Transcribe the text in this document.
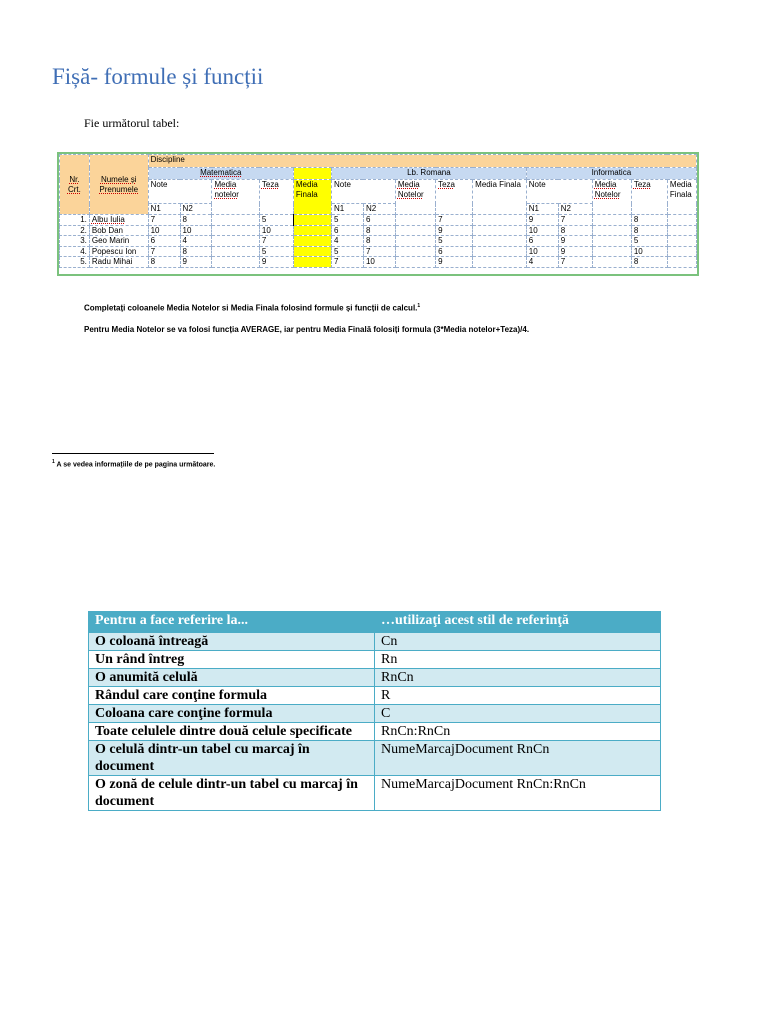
Fișă- formule și funcții
Fie următorul tabel:
Nr. Crt.	Numele și Prenumele	Discipline														
		Matematica					Lb. Romana					Informatica				
		Note		Media notelor	Teza	Media Finala	Note		Media Notelor	Teza	Media Finala	Note		Media Notelor	Teza	Media Finala
		N1	N2				N1	N2				N1	N2			
1.	Albu Iulia	7	8		5		5	6		7		9	7		8	
2.	Bob Dan	10	10		10		6	8		9		10	8		8	
3.	Geo Marin	6	4		7		4	8		5		6	9		5	
4.	Popescu Ion	7	8		5		5	7		6		10	9		10	
5.	Radu Mihai	8	9		9		7	10		9		4	7		8	
Completați coloanele Media Notelor si Media Finala folosind formule și funcții de calcul.$^1$
Pentru Media Notelor se va folosi funcția AVERAGE, iar pentru Media Finală folosiți formula (3*Media notelor+Teza)/4.
$^1$ A se vedea informațiile de pe pagina următoare.
Pentru a face referire la...	…utilizaţi acest stil de referinţă
O coloană întreagă	Cn
Un rând întreg	Rn
O anumită celulă	RnCn
Rândul care conţine formula	R
Coloana care conţine formula	C
Toate celulele dintre două celule specificate	RnCn:RnCn
O celulă dintr-un tabel cu marcaj în document	NumeMarcajDocument RnCn
O zonă de celule dintr-un tabel cu marcaj în document	NumeMarcajDocument RnCn:RnCn
